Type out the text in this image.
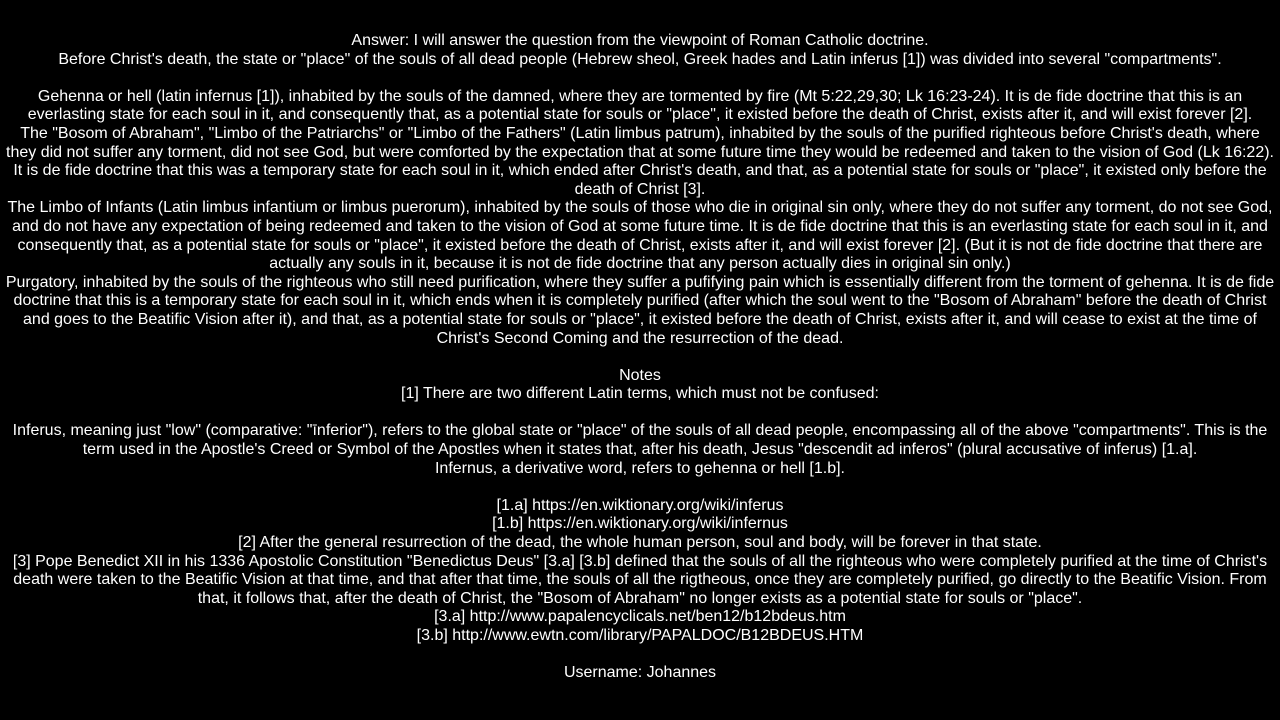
Answer: I will answer the question from the viewpoint of Roman Catholic doctrine.
Before Christ's death, the state or "place" of the souls of all dead people (Hebrew sheol, Greek hades and Latin inferus [1]) was divided into several "compartments".
Gehenna or hell (latin infernus [1]), inhabited by the souls of the damned, where they are tormented by fire (Mt 5:22,29,30; Lk 16:23-24). It is de fide doctrine that this is an everlasting state for each soul in it, and consequently that, as a potential state for souls or "place", it existed before the death of Christ, exists after it, and will exist forever [2].
The "Bosom of Abraham", "Limbo of the Patriarchs" or "Limbo of the Fathers" (Latin limbus patrum), inhabited by the souls of the purified righteous before Christ's death, where they did not suffer any torment, did not see God, but were comforted by the expectation that at some future time they would be redeemed and taken to the vision of God (Lk 16:22). It is de fide doctrine that this was a temporary state for each soul in it, which ended after Christ's death, and that, as a potential state for souls or "place", it existed only before the death of Christ [3].
The Limbo of Infants (Latin limbus infantium or limbus puerorum), inhabited by the souls of those who die in original sin only, where they do not suffer any torment, do not see God, and do not have any expectation of being redeemed and taken to the vision of God at some future time. It is de fide doctrine that this is an everlasting state for each soul in it, and consequently that, as a potential state for souls or "place", it existed before the death of Christ, exists after it, and will exist forever [2]. (But it is not de fide doctrine that there are actually any souls in it, because it is not de fide doctrine that any person actually dies in original sin only.)
Purgatory, inhabited by the souls of the righteous who still need purification, where they suffer a pufifying pain which is essentially different from the torment of gehenna. It is de fide doctrine that this is a temporary state for each soul in it, which ends when it is completely purified (after which the soul went to the "Bosom of Abraham" before the death of Christ and goes to the Beatific Vision after it), and that, as a potential state for souls or "place", it existed before the death of Christ, exists after it, and will cease to exist at the time of Christ's Second Coming and the resurrection of the dead.
Notes
[1] There are two different Latin terms, which must not be confused:
Inferus, meaning just "low" (comparative: "īnferior"), refers to the global state or "place" of the souls of all dead people, encompassing all of the above "compartments". This is the term used in the Apostle's Creed or Symbol of the Apostles when it states that, after his death, Jesus "descendit ad inferos" (plural accusative of inferus) [1.a].
Infernus, a derivative word, refers to gehenna or hell [1.b].
[1.a] https://en.wiktionary.org/wiki/inferus
[1.b] https://en.wiktionary.org/wiki/infernus
[2] After the general resurrection of the dead, the whole human person, soul and body, will be forever in that state.
[3] Pope Benedict XII in his 1336 Apostolic Constitution "Benedictus Deus" [3.a] [3.b] defined that the souls of all the righteous who were completely purified at the time of Christ's death were taken to the Beatific Vision at that time, and that after that time, the souls of all the rigtheous, once they are completely purified, go directly to the Beatific Vision. From that, it follows that, after the death of Christ, the "Bosom of Abraham" no longer exists as a potential state for souls or "place".
[3.a] http://www.papalencyclicals.net/ben12/b12bdeus.htm
[3.b] http://www.ewtn.com/library/PAPALDOC/B12BDEUS.HTM
Username: Johannes
